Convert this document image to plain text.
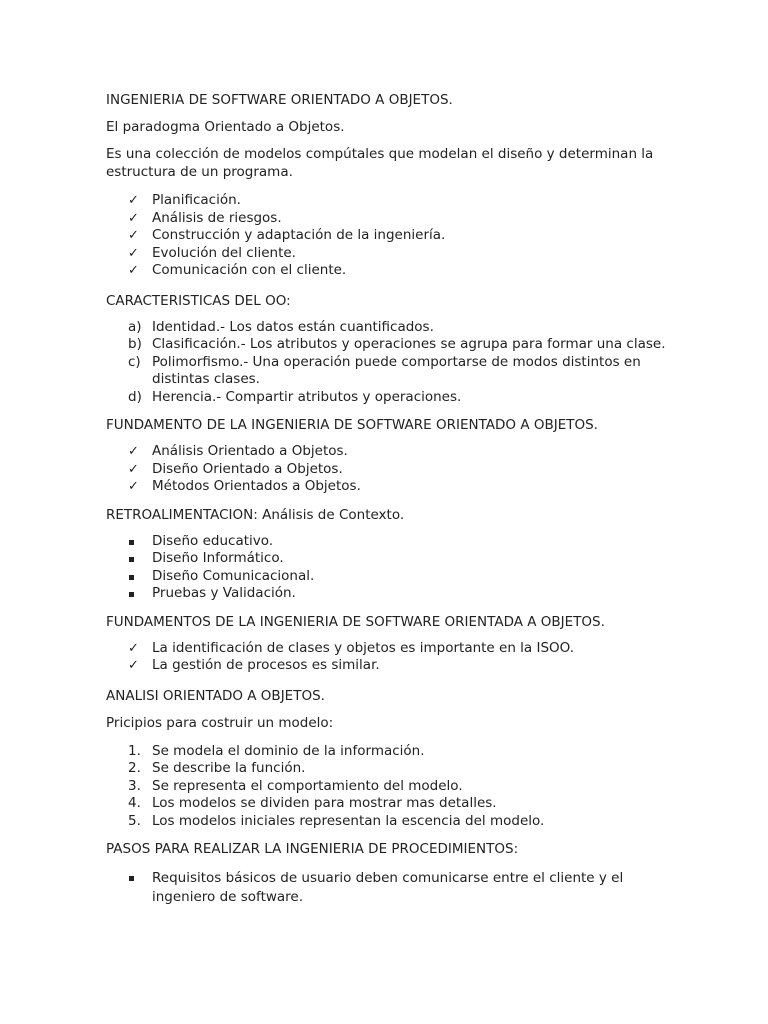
INGENIERIA DE SOFTWARE ORIENTADO A OBJETOS.

El paradogma Orientado a Objetos.

Es una colección de modelos compútales que modelan el diseño y determinan la estructura de un programa.

✓ Planificación.
✓ Análisis de riesgos.
✓ Construcción y adaptación de la ingeniería.
✓ Evolución del cliente.
✓ Comunicación con el cliente.

CARACTERISTICAS DEL OO:

a) Identidad.- Los datos están cuantificados.
b) Clasificación.- Los atributos y operaciones se agrupa para formar una clase.
c) Polimorfismo.- Una operación puede comportarse de modos distintos en distintas clases.
d) Herencia.- Compartir atributos y operaciones.

FUNDAMENTO DE LA INGENIERIA DE SOFTWARE ORIENTADO A OBJETOS.

✓ Análisis Orientado a Objetos.
✓ Diseño Orientado a Objetos.
✓ Métodos Orientados a Objetos.

RETROALIMENTACION: Análisis de Contexto.

Diseño educativo.
Diseño Informático.
Diseño Comunicacional.
Pruebas y Validación.

FUNDAMENTOS DE LA INGENIERIA DE SOFTWARE ORIENTADA A OBJETOS.

✓ La identificación de clases y objetos es importante en la ISOO.
✓ La gestión de procesos es similar.

ANALISI ORIENTADO A OBJETOS.

Pricipios para costruir un modelo:

1. Se modela el dominio de la información.
2. Se describe la función.
3. Se representa el comportamiento del modelo.
4. Los modelos se dividen para mostrar mas detalles.
5. Los modelos iniciales representan la escencia del modelo.

PASOS PARA REALIZAR LA INGENIERIA DE PROCEDIMIENTOS:

Requisitos básicos de usuario deben comunicarse entre el cliente y el ingeniero de software.
